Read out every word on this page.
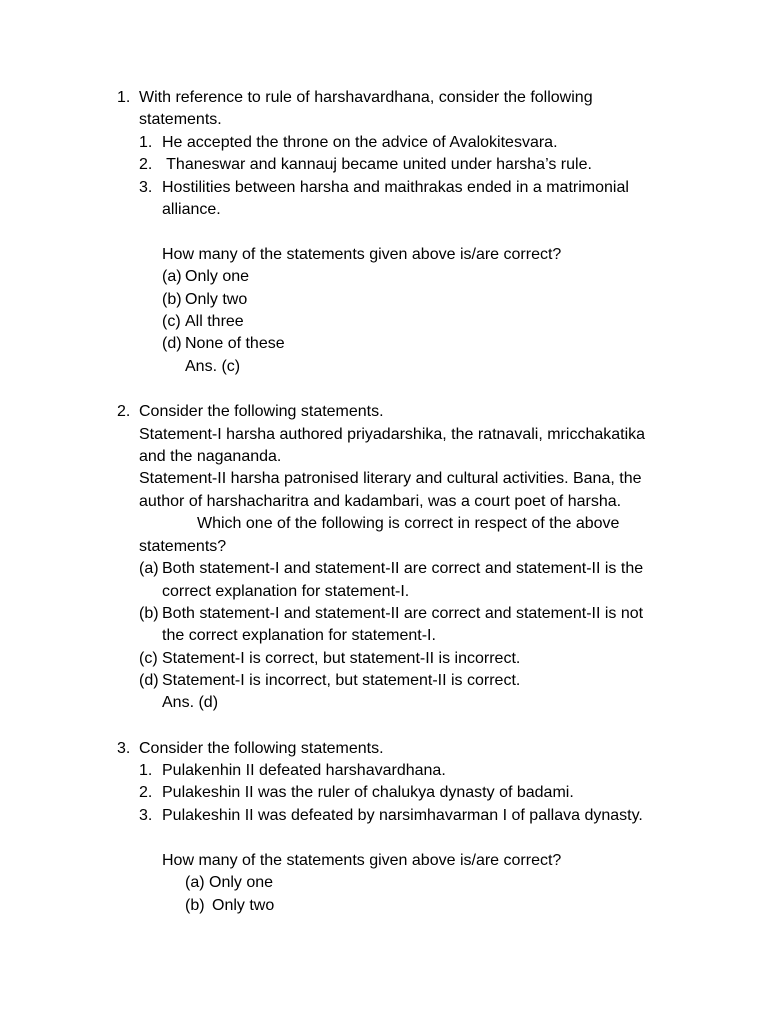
1. With reference to rule of harshavardhana, consider the following
statements.
1. He accepted the throne on the advice of Avalokitesvara.
2. Thaneswar and kannauj became united under harsha’s rule.
3. Hostilities between harsha and maithrakas ended in a matrimonial
alliance.
How many of the statements given above is/are correct?
(a) Only one
(b) Only two
(c) All three
(d) None of these
Ans. (c)
2. Consider the following statements.
Statement-I harsha authored priyadarshika, the ratnavali, mricchakatika
and the nagananda.
Statement-II harsha patronised literary and cultural activities. Bana, the
author of harshacharitra and kadambari, was a court poet of harsha.
Which one of the following is correct in respect of the above
statements?
(a) Both statement-I and statement-II are correct and statement-II is the
correct explanation for statement-I.
(b) Both statement-I and statement-II are correct and statement-II is not
the correct explanation for statement-I.
(c) Statement-I is correct, but statement-II is incorrect.
(d) Statement-I is incorrect, but statement-II is correct.
Ans. (d)
3. Consider the following statements.
1. Pulakenhin II defeated harshavardhana.
2. Pulakeshin II was the ruler of chalukya dynasty of badami.
3. Pulakeshin II was defeated by narsimhavarman I of pallava dynasty.
How many of the statements given above is/are correct?
(a) Only one
(b) Only two
